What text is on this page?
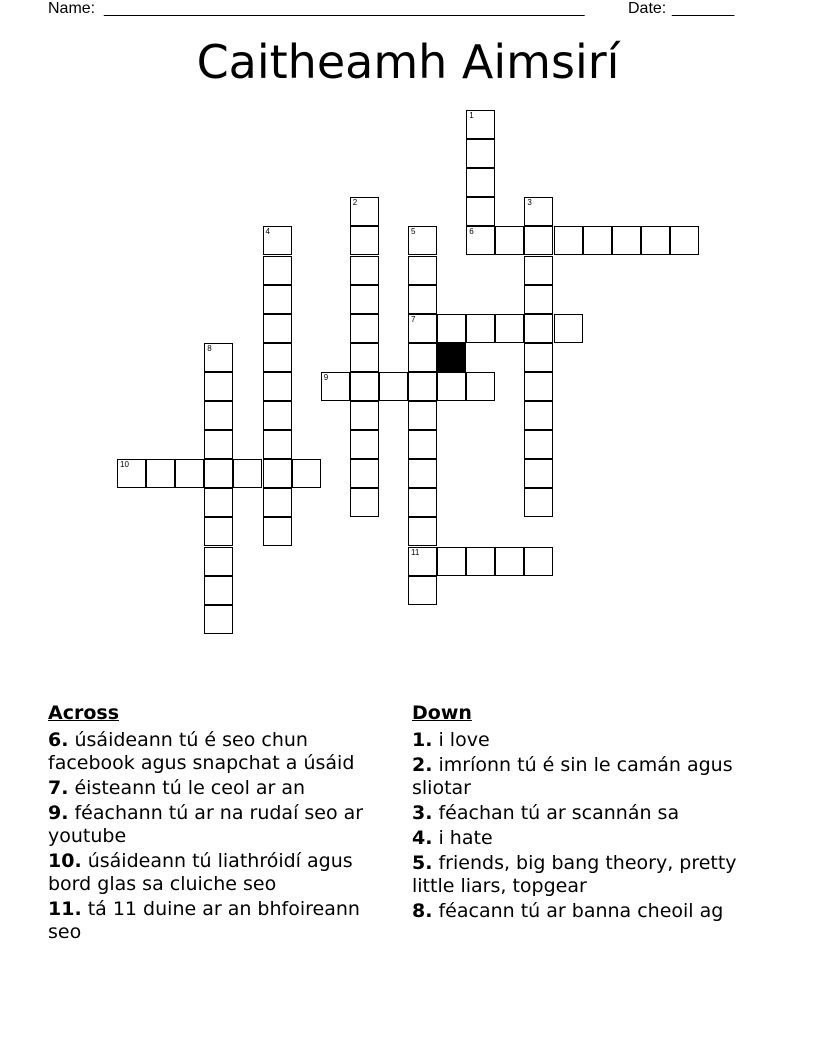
Name:

______________________________________________________

	Date:

_______

Caitheamh Aimsirí
1
6
2	3
4	5
7
11
8
9
10
Across
6. úsáideann tú é seo chun facebook agus snapchat a úsáid
7. éisteann tú le ceol ar an
9. féachann tú ar na rudaí seo ar youtube
10. úsáideann tú liathróidí agus bord glas sa cluiche seo
11. tá 11 duine ar an bhfoireann seo
Down
1. i love
2. imríonn tú é sin le camán agus sliotar
3. féachan tú ar scannán sa
4. i hate
5. friends, big bang theory, pretty little liars, topgear
8. féacann tú ar banna cheoil ag
